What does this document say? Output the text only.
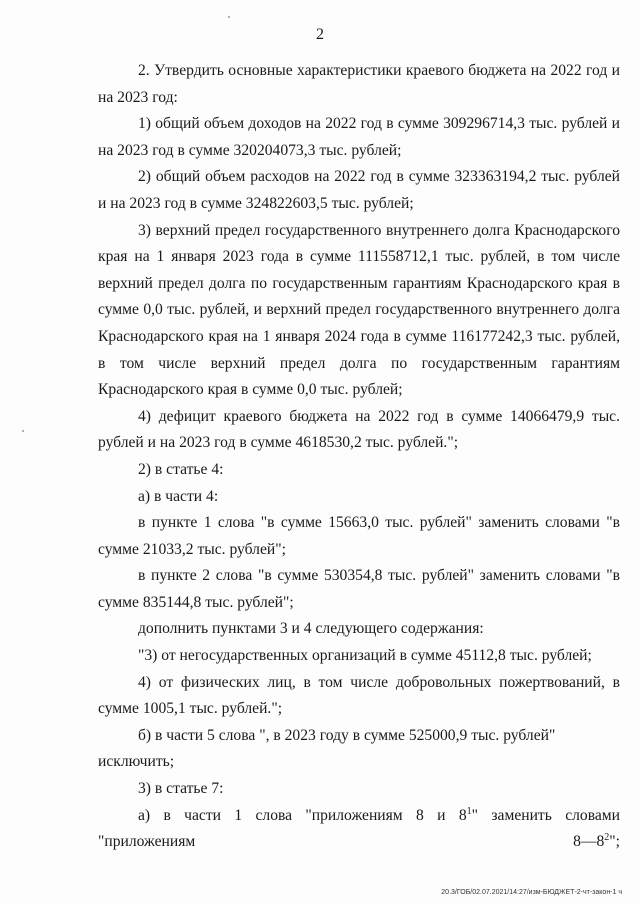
2

2. Утвердить основные характеристики краевого бюджета на 2022 год и на 2023 год:

1) общий объем доходов на 2022 год в сумме 309296714,3 тыс. рублей и на 2023 год в сумме 320204073,3 тыс. рублей;

2) общий объем расходов на 2022 год в сумме 323363194,2 тыс. рублей и на 2023 год в сумме 324822603,5 тыс. рублей;

3) верхний предел государственного внутреннего долга Краснодарского края на 1 января 2023 года в сумме 111558712,1 тыс. рублей, в том числе верхний предел долга по государственным гарантиям Краснодарского края в сумме 0,0 тыс. рублей, и верхний предел государственного внутреннего долга Краснодарского края на 1 января 2024 года в сумме 116177242,3 тыс. рублей, в том числе верхний предел долга по государственным гарантиям Краснодарского края в сумме 0,0 тыс. рублей;

4) дефицит краевого бюджета на 2022 год в сумме 14066479,9 тыс. рублей и на 2023 год в сумме 4618530,2 тыс. рублей.";

2) в статье 4:

а) в части 4:

в пункте 1 слова "в сумме 15663,0 тыс. рублей" заменить словами "в сумме 21033,2 тыс. рублей";

в пункте 2 слова "в сумме 530354,8 тыс. рублей" заменить словами "в сумме 835144,8 тыс. рублей";

дополнить пунктами 3 и 4 следующего содержания:

"3) от негосударственных организаций в сумме 45112,8 тыс. рублей;

4) от физических лиц, в том числе добровольных пожертвований, в сумме 1005,1 тыс. рублей.";

б) в части 5 слова ", в 2023 году в сумме 525000,9 тыс. рублей" исключить;

3) в статье 7:

а) в части 1 слова "приложениям 8 и $8^1$" заменить словами "приложениям $8—8^2$";

20.3/ГОБ/02.07.2021/14:27/изм-БЮДЖЕТ-2-чт-закон-1 ч
